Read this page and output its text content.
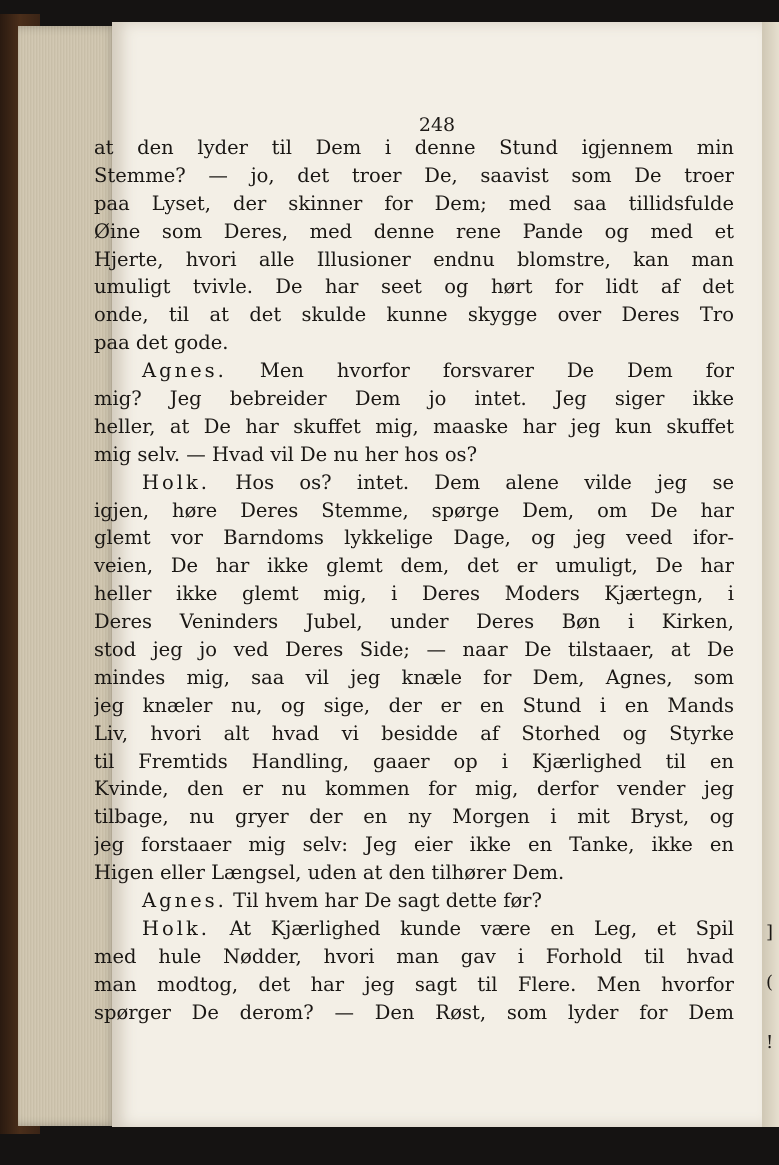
248
at den lyder til Dem i denne Stund igjennem min
Stemme? — jo, det troer De, saavist som De troer
paa Lyset, der skinner for Dem; med saa tillidsfulde
Øine som Deres, med denne rene Pande og med et
Hjerte, hvori alle Illusioner endnu blomstre, kan man
umuligt tvivle. De har seet og hørt for lidt af det
onde, til at det skulde kunne skygge over Deres Tro
paa det gode.
Agnes. Men hvorfor forsvarer De Dem for
mig? Jeg bebreider Dem jo intet. Jeg siger ikke
heller, at De har skuffet mig, maaske har jeg kun skuffet
mig selv. — Hvad vil De nu her hos os?
Holk. Hos os? intet. Dem alene vilde jeg se
igjen, høre Deres Stemme, spørge Dem, om De har
glemt vor Barndoms lykkelige Dage, og jeg veed ifor-
veien, De har ikke glemt dem, det er umuligt, De har
heller ikke glemt mig, i Deres Moders Kjærtegn, i
Deres Veninders Jubel, under Deres Bøn i Kirken,
stod jeg jo ved Deres Side; — naar De tilstaaer, at De
mindes mig, saa vil jeg knæle for Dem, Agnes, som
jeg knæler nu, og sige, der er en Stund i en Mands
Liv, hvori alt hvad vi besidde af Storhed og Styrke
til Fremtids Handling, gaaer op i Kjærlighed til en
Kvinde, den er nu kommen for mig, derfor vender jeg
tilbage, nu gryer der en ny Morgen i mit Bryst, og
jeg forstaaer mig selv: Jeg eier ikke en Tanke, ikke en
Higen eller Længsel, uden at den tilhører Dem.
Agnes. Til hvem har De sagt dette før?
Holk. At Kjærlighed kunde være en Leg, et Spil
med hule Nødder, hvori man gav i Forhold til hvad
man modtog, det har jeg sagt til Flere. Men hvorfor
spørger De derom? — Den Røst, som lyder for Dem
]
(
!
